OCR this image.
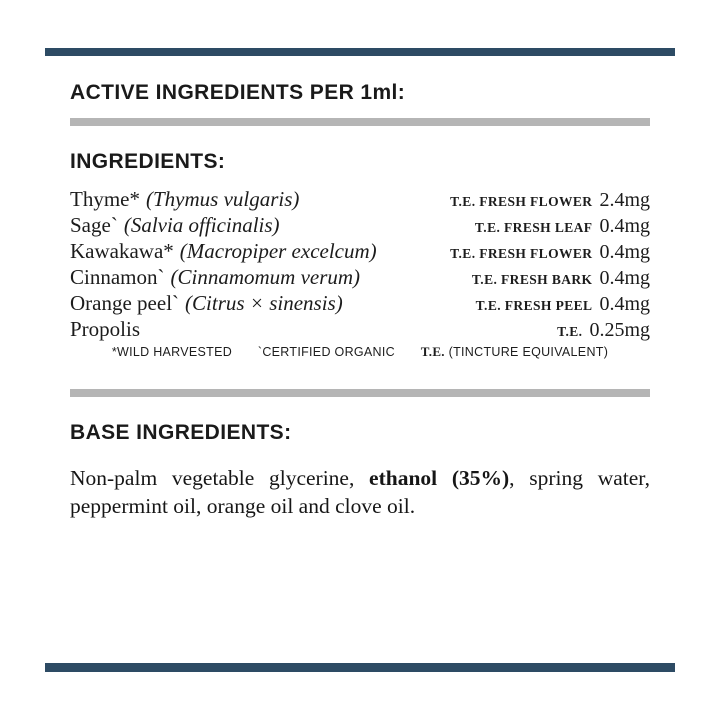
ACTIVE INGREDIENTS PER 1ml:
INGREDIENTS:
Thyme* (Thymus vulgaris)	T.E. FRESH FLOWER 2.4mg
Sage` (Salvia officinalis)	T.E. FRESH LEAF 0.4mg
Kawakawa* (Macropiper excelcum)	T.E. FRESH FLOWER 0.4mg
Cinnamon` (Cinnamomum verum)	T.E. FRESH BARK 0.4mg
Orange peel` (Citrus × sinensis)	T.E. FRESH PEEL 0.4mg
Propolis	T.E. 0.25mg
*WILD HARVESTED `CERTIFIED ORGANIC T.E. (TINCTURE EQUIVALENT)
BASE INGREDIENTS:

Non-palm vegetable glycerine, ethanol (35%), spring water, peppermint oil, orange oil and clove oil.
